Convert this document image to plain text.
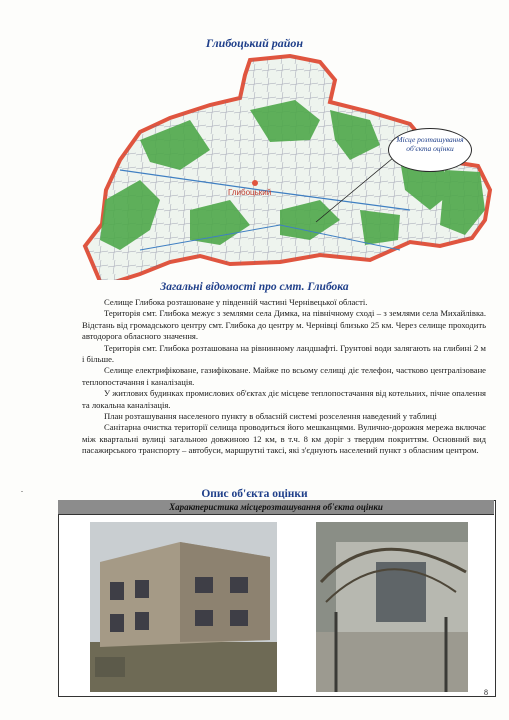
Глибоцький район
Глибоцький
Місце розташування об'єкта оцінки
Загальні відомості про смт. Глибока

Селище Глибока розташоване у південній частині Чернівецької області.

Територія смт. Глибока межує з землями села Димка, на північному сході – з землями села Михайлівка. Відстань від громадського центру смт. Глибока до центру м. Чернівці близько 25 км. Через селище проходить автодорога обласного значення.

Територія смт. Глибока розташована на рівнинному ландшафті. Грунтові води залягають на глибині 2 м і більше.

Селище електрифіковане, газифіковане. Майже по всьому селищі діє телефон, частково централізоване теплопостачання і каналізація.

У житлових будинках промислових об'єктах діє місцеве теплопостачання від котельних, пічне опалення та локальна каналізація.

План розташування населеного пункту в обласній системі розселення наведений у таблиці

Санітарна очистка території селища проводиться його мешканцями. Вулично-дорожня мережа включає між квартальні вулиці загальною довжиною 12 км, в т.ч. 8 км доріг з твердим покриттям. Основний вид пасажирського транспорту – автобуси, маршрутні таксі, які з'єднують населений пункт з обласним центром.

.	Опис об'єкта оцінки
Характеристика місцерозташування об'єкта оцінки
8
